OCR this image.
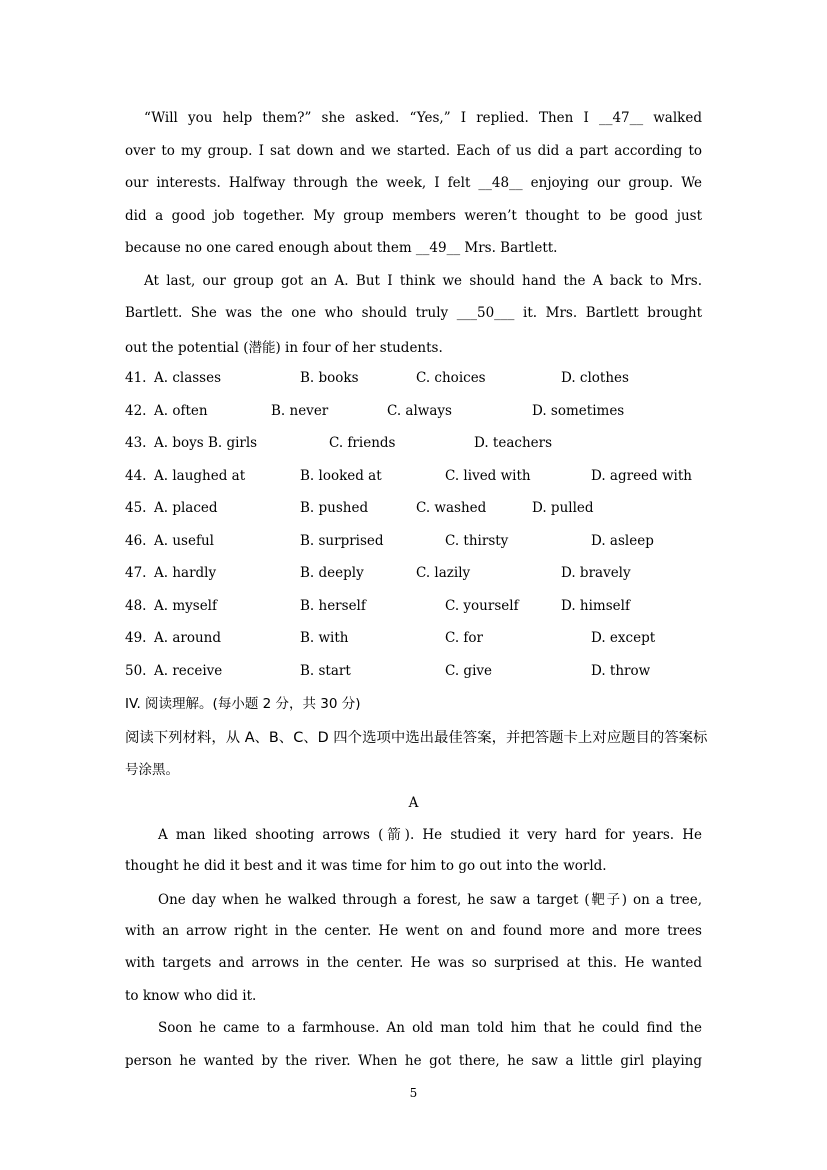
“Will you help them?” she asked. “Yes,” I replied. Then I __47__ walked
over to my group. I sat down and we started. Each of us did a part according to
our interests. Halfway through the week, I felt __48__ enjoying our group. We
did a good job together. My group members weren’t thought to be good just
because no one cared enough about them __49__ Mrs. Bartlett.
At last, our group got an A. But I think we should hand the A back to Mrs.
Bartlett. She was the one who should truly ___50___ it. Mrs. Bartlett brought
out the potential (潜能) in four of her students.
41. A. classes	B. books	C. choices	D. clothes
42. A. often	B. never	C. always	D. sometimes
43. A. boys B. girls	C. friends	D. teachers
44. A. laughed at	B. looked at	C. lived with	D. agreed with
45. A. placed	B. pushed	C. washed	D. pulled
46. A. useful	B. surprised	C. thirsty	D. asleep
47. A. hardly	B. deeply	C. lazily	D. bravely
48. A. myself	B. herself	C. yourself	D. himself
49. A. around	B. with	C. for	D. except
50. A. receive	B. start	C. give	D. throw
IV. 阅读理解。(每小题 2 分，共 30 分)
阅读下列材料，从 A、B、C、D 四个选项中选出最佳答案，并把答题卡上对应题目的答案标
号涂黑。
A
A man liked shooting arrows (箭). He studied it very hard for years. He
thought he did it best and it was time for him to go out into the world.
One day when he walked through a forest, he saw a target (靶子) on a tree,
with an arrow right in the center. He went on and found more and more trees
with targets and arrows in the center. He was so surprised at this. He wanted
to know who did it.
Soon he came to a farmhouse. An old man told him that he could find the
person he wanted by the river. When he got there, he saw a little girl playing
5
